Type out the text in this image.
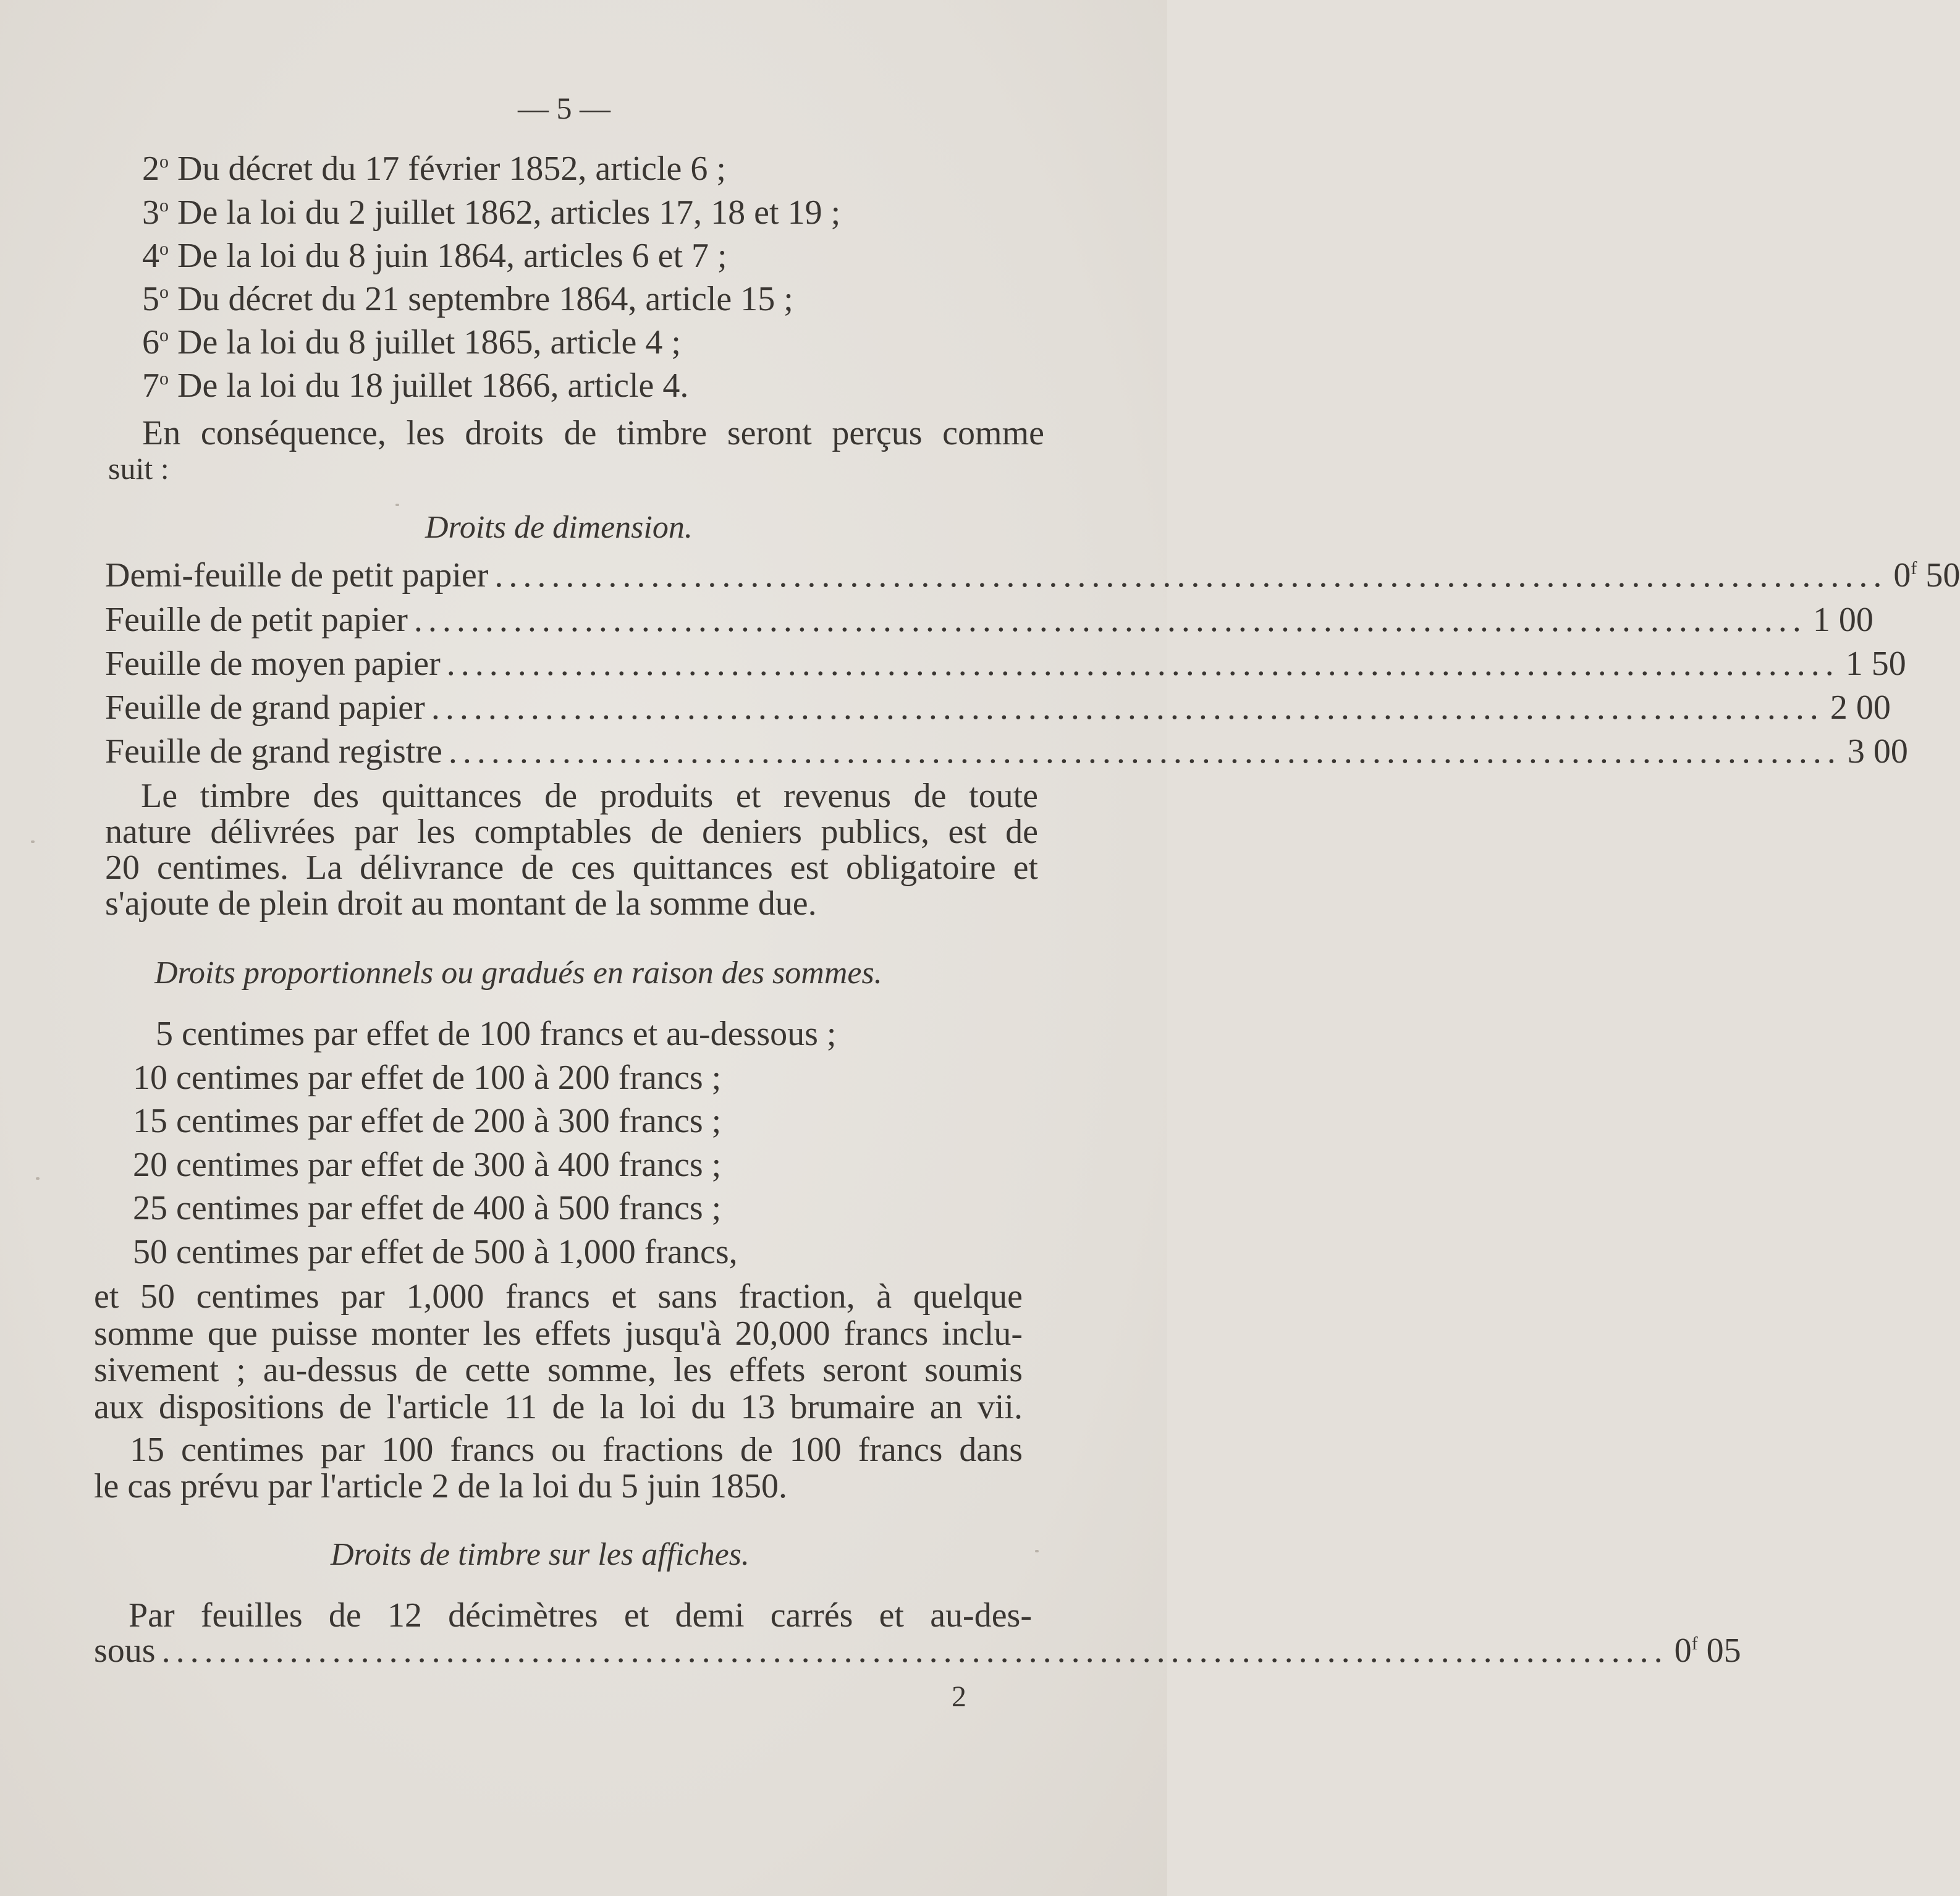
— 5 —
2$^o$ Du décret du 17 février 1852, article 6 ;
3$^o$ De la loi du 2 juillet 1862, articles 17, 18 et 19 ;
4$^o$ De la loi du 8 juin 1864, articles 6 et 7 ;
5$^o$ Du décret du 21 septembre 1864, article 15 ;
6$^o$ De la loi du 8 juillet 1865, article 4 ;
7$^o$ De la loi du 18 juillet 1866, article 4.
En conséquence, les droits de timbre seront perçus comme
suit :
Droits de dimension.
Demi-feuille de petit papier .................................................................................................. 0$^f$ 50
Feuille de petit papier .................................................................................................. 1 00
Feuille de moyen papier .................................................................................................. 1 50
Feuille de grand papier .................................................................................................. 2 00
Feuille de grand registre .................................................................................................. 3 00
Le timbre des quittances de produits et revenus de toute
nature délivrées par les comptables de deniers publics, est de
20 centimes. La délivrance de ces quittances est obligatoire et
s'ajoute de plein droit au montant de la somme due.
Droits proportionnels ou gradués en raison des sommes.
5 centimes par effet de 100 francs et au-dessous ;
10 centimes par effet de 100 à 200 francs ;
15 centimes par effet de 200 à 300 francs ;
20 centimes par effet de 300 à 400 francs ;
25 centimes par effet de 400 à 500 francs ;
50 centimes par effet de 500 à 1,000 francs,
et 50 centimes par 1,000 francs et sans fraction, à quelque
somme que puisse monter les effets jusqu'à 20,000 francs inclu-
sivement ; au-dessus de cette somme, les effets seront soumis
aux dispositions de l'article 11 de la loi du 13 brumaire an vii.
15 centimes par 100 francs ou fractions de 100 francs dans
le cas prévu par l'article 2 de la loi du 5 juin 1850.
Droits de timbre sur les affiches.
Par feuilles de 12 décimètres et demi carrés et au-des-
sous .......................................................................................................... 0$^f$ 05
2
